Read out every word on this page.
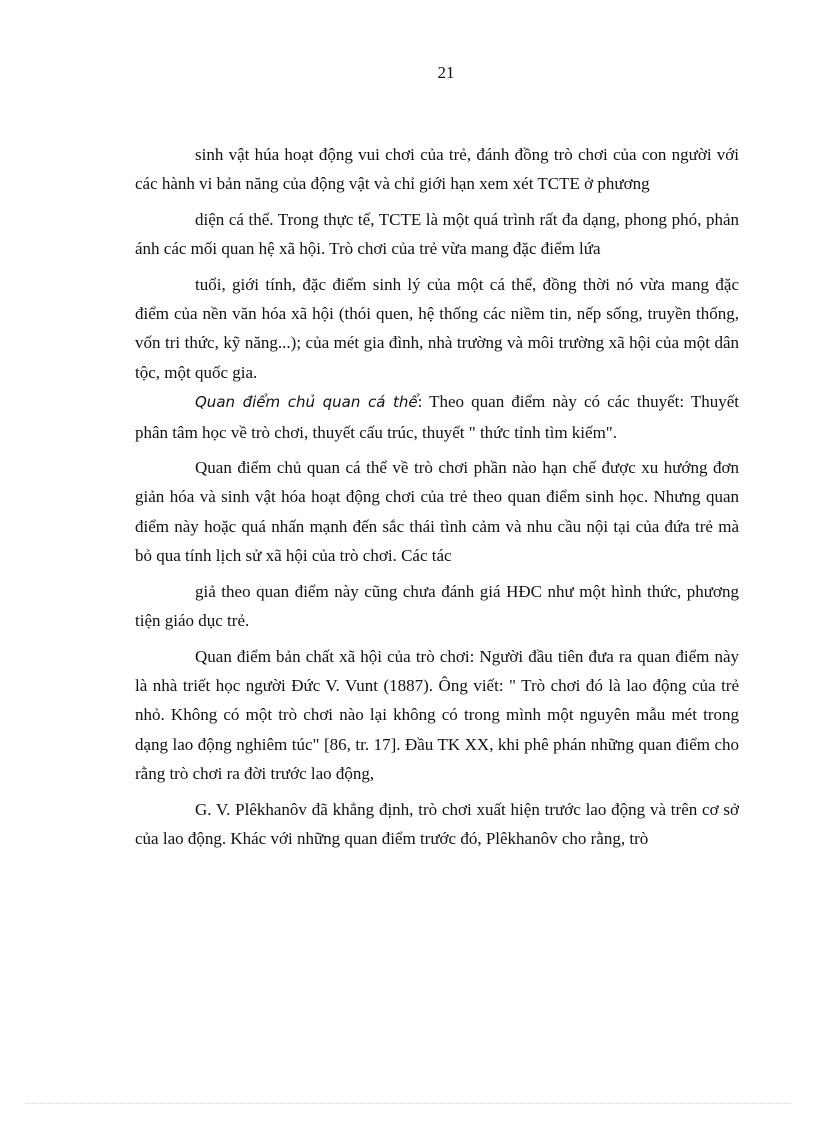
21

sinh vật húa hoạt động vui chơi của trẻ, đánh đồng trò chơi của con người với các hành vi bản năng của động vật và chỉ giới hạn xem xét TCTE ở phương

diện cá thể. Trong thực tế, TCTE là một quá trình rất đa dạng, phong phó, phản ánh các mối quan hệ xã hội. Trò chơi của trẻ vừa mang đặc điểm lứa

tuổi, giới tính, đặc điểm sinh lý của một cá thể, đồng thời nó vừa mang đặc điểm của nền văn hóa xã hội (thói quen, hệ thống các niềm tin, nếp sống, truyền thống, vốn tri thức, kỹ năng...); của mét gia đình, nhà trường và môi trường xã hội của một dân tộc, một quốc gia.

Quan điểm chủ quan cá thể: Theo quan điểm này có các thuyết: Thuyết phân tâm học về trò chơi, thuyết cấu trúc, thuyết " thức tỉnh tìm kiếm".

Quan điểm chủ quan cá thể về trò chơi phần nào hạn chế được xu hướng đơn giản hóa và sinh vật hóa hoạt động chơi của trẻ theo quan điểm sinh học. Nhưng quan điểm này hoặc quá nhấn mạnh đến sắc thái tình cảm và nhu cầu nội tại của đứa trẻ mà bỏ qua tính lịch sử xã hội của trò chơi. Các tác

giả theo quan điểm này cũng chưa đánh giá HĐC như một hình thức, phương tiện giáo dục trẻ.

Quan điểm bản chất xã hội của trò chơi: Người đầu tiên đưa ra quan điểm này là nhà triết học người Đức V. Vunt (1887). Ông viết: " Trò chơi đó là lao động của trẻ nhỏ. Không có một trò chơi nào lại không có trong mình một nguyên mẫu mét trong dạng lao động nghiêm túc" [86, tr. 17]. Đầu TK XX, khi phê phán những quan điểm cho rằng trò chơi ra đời trước lao động,

G. V. Plêkhanôv đã khẳng định, trò chơi xuất hiện trước lao động và trên cơ sở của lao động. Khác với những quan điểm trước đó, Plêkhanôv cho rằng, trò
